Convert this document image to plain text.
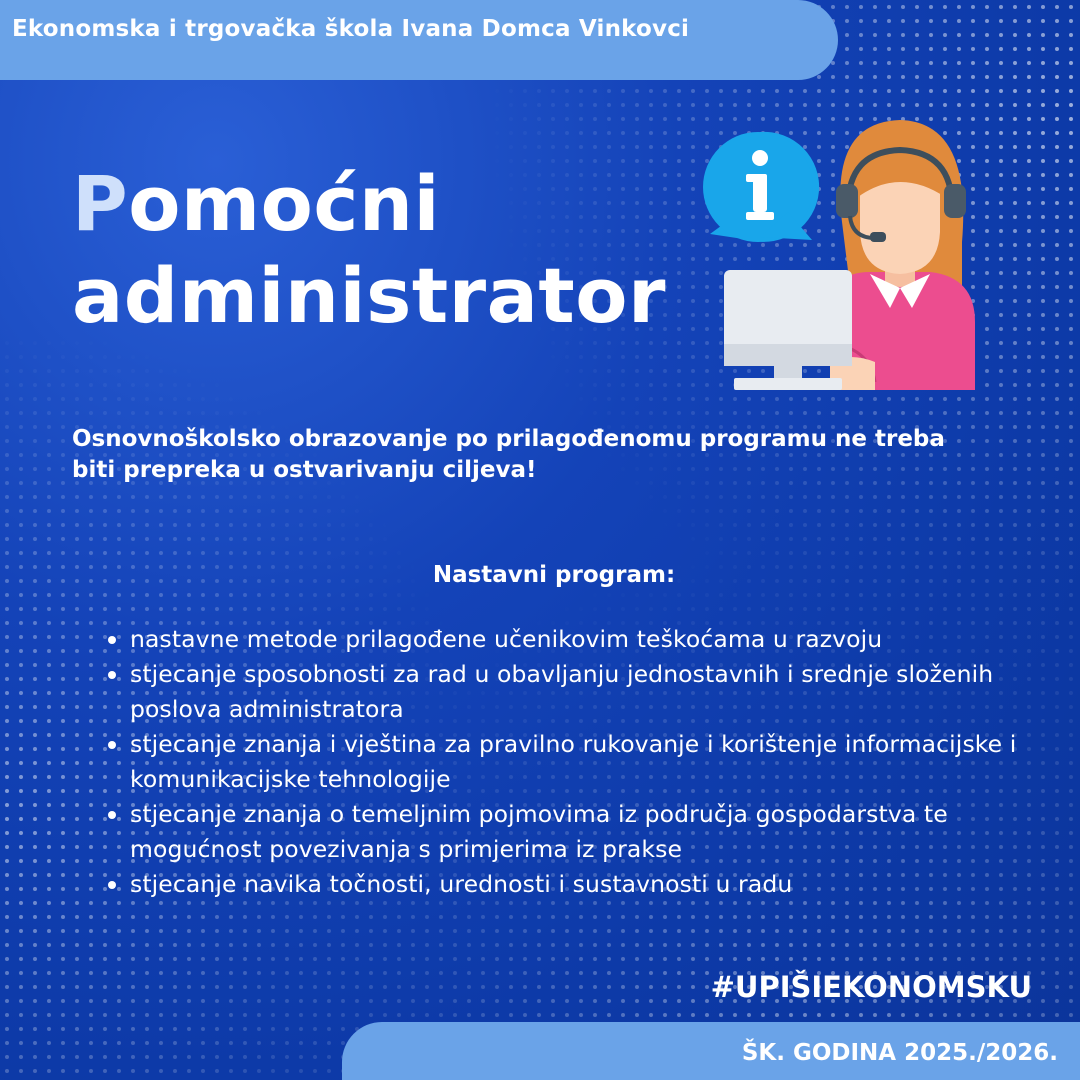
Ekonomska i trgovačka škola Ivana Domca Vinkovci
Pomoćni
administrator
Osnovnoškolsko obrazovanje po prilagođenomu programu ne treba biti prepreka u ostvarivanju ciljeva!
Nastavni program:
nastavne metode prilagođene učenikovim teškoćama u razvoju
stjecanje sposobnosti za rad u obavljanju jednostavnih i srednje složenih poslova administratora
stjecanje znanja i vještina za pravilno rukovanje i korištenje informacijske i komunikacijske tehnologije
stjecanje znanja o temeljnim pojmovima iz područja gospodarstva te mogućnost povezivanja s primjerima iz prakse
stjecanje navika točnosti, urednosti i sustavnosti u radu
#UPIŠIEKONOMSKU
ŠK. GODINA 2025./2026.
